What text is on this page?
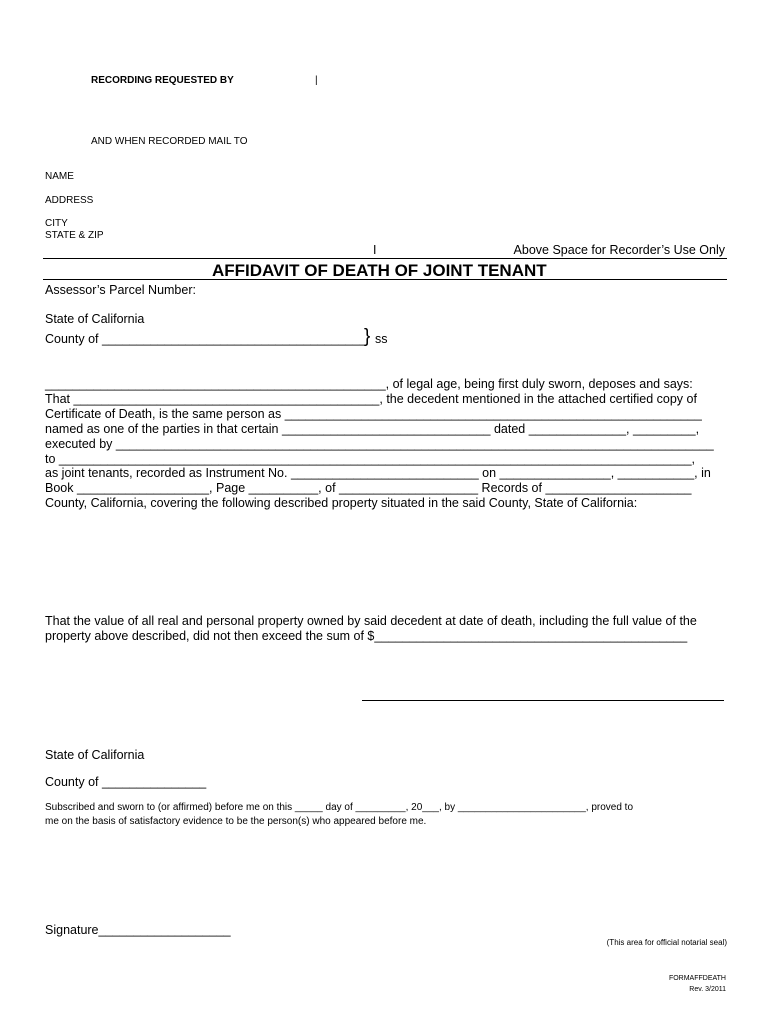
RECORDING REQUESTED BY	|
AND WHEN RECORDED MAIL TO
NAME
ADDRESS
CITY
STATE & ZIP
I	Above Space for Recorder’s Use Only
AFFIDAVIT OF DEATH OF JOINT TENANT
Assessor’s Parcel Number:
State of California
County of ______________________________________
} ss
_________________________________________________, of legal age, being first duly sworn, deposes and says:
That ____________________________________________, the decedent mentioned in the attached certified copy of
Certificate of Death, is the same person as ____________________________________________________________
named as one of the parties in that certain ______________________________ dated ______________, _________,
executed by ______________________________________________________________________________________
to ___________________________________________________________________________________________,
as joint tenants, recorded as Instrument No. ___________________________ on ________________, ___________, in
Book ___________________, Page __________, of ____________________ Records of _____________________
County, California, covering the following described property situated in the said County, State of California:
That the value of all real and personal property owned by said decedent at date of death, including the full value of the
property above described, did not then exceed the sum of $_____________________________________________
State of California
County of _______________
Subscribed and sworn to (or affirmed) before me on this _____ day of _________, 20___, by _______________________, proved to
me on the basis of satisfactory evidence to be the person(s) who appeared before me.
Signature___________________
(This area for official notarial seal)
FORMAFFDEATH
Rev. 3/2011
